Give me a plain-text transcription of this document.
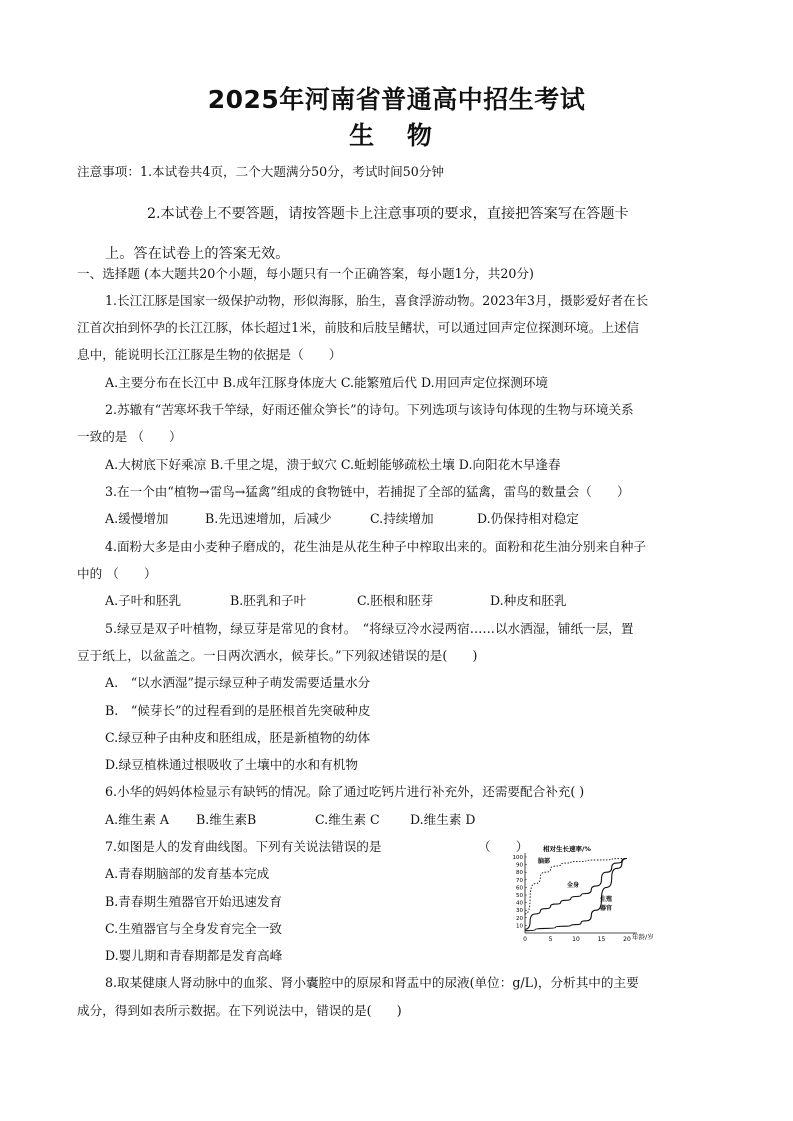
2025年河南省普通高中招生考试
生 物
注意事项：1.本试卷共4页，二个大题满分50分，考试时间50分钟
2.本试卷上不要答题，请按答题卡上注意事项的要求，直接把答案写在答题卡
上。答在试卷上的答案无效。
一、选择题 (本大题共20个小题，每小题只有一个正确答案，每小题1分，共20分)
1.长江江豚是国家一级保护动物，形似海豚，胎生，喜食浮游动物。2023年3月，摄影爱好者在长
江首次拍到怀孕的长江江豚，体长超过1米，前肢和后肢呈鳍状，可以通过回声定位探测环境。上述信
息中，能说明长江江豚是生物的依据是（　　）
A.主要分布在长江中 B.成年江豚身体庞大 C.能繁殖后代 D.用回声定位探测环境
2.苏辙有“苦寒坏我千竿绿，好雨还催众笋长”的诗句。下列选项与该诗句体现的生物与环境关系
一致的是 （　　）
A.大树底下好乘凉 B.千里之堤，溃于蚁穴 C.蚯蚓能够疏松土壤 D.向阳花木早逢春
3.在一个由“植物→雷鸟→猛禽”组成的食物链中，若捕捉了全部的猛禽，雷鸟的数量会（　　）
A.缓慢增加	B.先迅速增加，后减少	C.持续增加	D.仍保持相对稳定
4.面粉大多是由小麦种子磨成的，花生油是从花生种子中榨取出来的。面粉和花生油分别来自种子
中的 （　　）
A.子叶和胚乳	B.胚乳和子叶	C.胚根和胚芽	D.种皮和胚乳
5.绿豆是双子叶植物，绿豆芽是常见的食材。　“将绿豆冷水浸两宿……以水洒湿，铺纸一层，置
豆于纸上，以盆盖之。一日两次洒水，候芽长。”下列叙述错误的是(　　)
A.　“以水洒湿”提示绿豆种子萌发需要适量水分
B.　“候芽长”的过程看到的是胚根首先突破种皮
C.绿豆种子由种皮和胚组成，胚是新植物的幼体
D.绿豆植株通过根吸收了土壤中的水和有机物
6.小华的妈妈体检显示有缺钙的情况。除了通过吃钙片进行补充外，还需要配合补充( )
A.维生素 A B.维生素B	C.维生素 C D.维生素 D
7.如图是人的发育曲线图。下列有关说法错误的是	（　　）
A.青春期脑部的发育基本完成
B.青春期生殖器官开始迅速发育
C.生殖器官与全身发育完全一致
D.婴儿期和青春期都是发育高峰
0	5	10	15	20
100
90
80
70
60
50
40
30
20
10
相对生长速率/%
年龄/岁
脑部
全身
生殖
器官
8.取某健康人肾动脉中的血浆、肾小囊腔中的原尿和肾盂中的尿液(单位：g/L)，分析其中的主要
成分，得到如表所示数据。在下列说法中，错误的是(　　)
